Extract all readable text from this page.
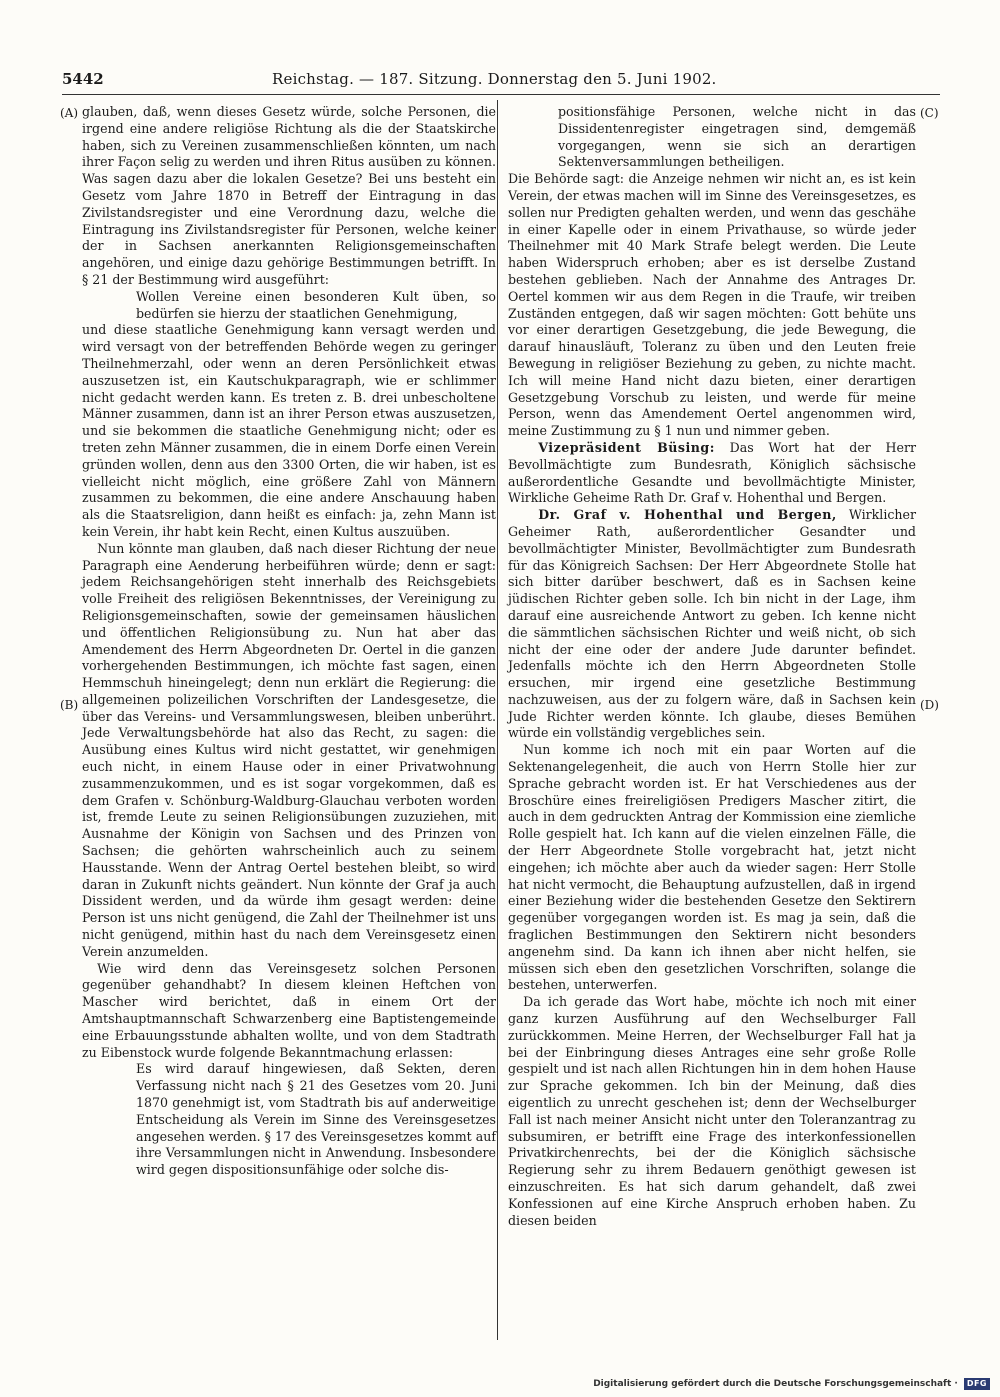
5442	Reichstag. — 187. Sitzung. Donnerstag den 5. Juni 1902.
(A)
(B)
(C)
(D)

glauben, daß, wenn dieses Gesetz würde, solche Personen, die irgend eine andere religiöse Richtung als die der Staatskirche haben, sich zu Vereinen zusammenschließen könnten, um nach ihrer Façon selig zu werden und ihren Ritus ausüben zu können. Was sagen dazu aber die lokalen Gesetze? Bei uns besteht ein Gesetz vom Jahre 1870 in Betreff der Eintragung in das Zivilstandsregister und eine Verordnung dazu, welche die Eintragung ins Zivilstandsregister für Personen, welche keiner der in Sachsen anerkannten Religionsgemeinschaften angehören, und einige dazu gehörige Bestimmungen betrifft. In § 21 der Bestimmung wird ausgeführt:

Wollen Vereine einen besonderen Kult üben, so bedürfen sie hierzu der staatlichen Genehmigung,

und diese staatliche Genehmigung kann versagt werden und wird versagt von der betreffenden Behörde wegen zu geringer Theilnehmerzahl, oder wenn an deren Persönlichkeit etwas auszusetzen ist, ein Kautschukparagraph, wie er schlimmer nicht gedacht werden kann. Es treten z. B. drei unbescholtene Männer zusammen, dann ist an ihrer Person etwas auszusetzen, und sie bekommen die staatliche Genehmigung nicht; oder es treten zehn Männer zusammen, die in einem Dorfe einen Verein gründen wollen, denn aus den 3300 Orten, die wir haben, ist es vielleicht nicht möglich, eine größere Zahl von Männern zusammen zu bekommen, die eine andere Anschauung haben als die Staatsreligion, dann heißt es einfach: ja, zehn Mann ist kein Verein, ihr habt kein Recht, einen Kultus auszuüben.

Nun könnte man glauben, daß nach dieser Richtung der neue Paragraph eine Aenderung herbeiführen würde; denn er sagt: jedem Reichsangehörigen steht innerhalb des Reichsgebiets volle Freiheit des religiösen Bekenntnisses, der Vereinigung zu Religionsgemeinschaften, sowie der gemeinsamen häuslichen und öffentlichen Religionsübung zu. Nun hat aber das Amendement des Herrn Abgeordneten Dr. Oertel in die ganzen vorhergehenden Bestimmungen, ich möchte fast sagen, einen Hemmschuh hineingelegt; denn nun erklärt die Regierung: die allgemeinen polizeilichen Vorschriften der Landesgesetze, die über das Vereins- und Versammlungswesen, bleiben unberührt. Jede Verwaltungsbehörde hat also das Recht, zu sagen: die Ausübung eines Kultus wird nicht gestattet, wir genehmigen euch nicht, in einem Hause oder in einer Privatwohnung zusammenzukommen, und es ist sogar vorgekommen, daß es dem Grafen v. Schönburg-Waldburg-Glauchau verboten worden ist, fremde Leute zu seinen Religionsübungen zuzuziehen, mit Ausnahme der Königin von Sachsen und des Prinzen von Sachsen; die gehörten wahrscheinlich auch zu seinem Hausstande. Wenn der Antrag Oertel bestehen bleibt, so wird daran in Zukunft nichts geändert. Nun könnte der Graf ja auch Dissident werden, und da würde ihm gesagt werden: deine Person ist uns nicht genügend, die Zahl der Theilnehmer ist uns nicht genügend, mithin hast du nach dem Vereinsgesetz einen Verein anzumelden.

Wie wird denn das Vereinsgesetz solchen Personen gegenüber gehandhabt? In diesem kleinen Heftchen von Mascher wird berichtet, daß in einem Ort der Amtshauptmannschaft Schwarzenberg eine Baptistengemeinde eine Erbauungsstunde abhalten wollte, und von dem Stadtrath zu Eibenstock wurde folgende Bekanntmachung erlassen:

Es wird darauf hingewiesen, daß Sekten, deren Verfassung nicht nach § 21 des Gesetzes vom 20. Juni 1870 genehmigt ist, vom Stadtrath bis auf anderweitige Entscheidung als Verein im Sinne des Vereinsgesetzes angesehen werden. § 17 des Vereinsgesetzes kommt auf ihre Versammlungen nicht in Anwendung. Insbesondere wird gegen dispositionsunfähige oder solche dis-

positionsfähige Personen, welche nicht in das Dissidentenregister eingetragen sind, demgemäß vorgegangen, wenn sie sich an derartigen Sektenversammlungen betheiligen.

Die Behörde sagt: die Anzeige nehmen wir nicht an, es ist kein Verein, der etwas machen will im Sinne des Vereinsgesetzes, es sollen nur Predigten gehalten werden, und wenn das geschähe in einer Kapelle oder in einem Privathause, so würde jeder Theilnehmer mit 40 Mark Strafe belegt werden. Die Leute haben Widerspruch erhoben; aber es ist derselbe Zustand bestehen geblieben. Nach der Annahme des Antrages Dr. Oertel kommen wir aus dem Regen in die Traufe, wir treiben Zuständen entgegen, daß wir sagen möchten: Gott behüte uns vor einer derartigen Gesetzgebung, die jede Bewegung, die darauf hinausläuft, Toleranz zu üben und den Leuten freie Bewegung in religiöser Beziehung zu geben, zu nichte macht. Ich will meine Hand nicht dazu bieten, einer derartigen Gesetzgebung Vorschub zu leisten, und werde für meine Person, wenn das Amendement Oertel angenommen wird, meine Zustimmung zu § 1 nun und nimmer geben.

Vizepräsident Büsing: Das Wort hat der Herr Bevollmächtigte zum Bundesrath, Königlich sächsische außerordentliche Gesandte und bevollmächtigte Minister, Wirkliche Geheime Rath Dr. Graf v. Hohenthal und Bergen.

Dr. Graf v. Hohenthal und Bergen, Wirklicher Geheimer Rath, außerordentlicher Gesandter und bevollmächtigter Minister, Bevollmächtigter zum Bundesrath für das Königreich Sachsen: Der Herr Abgeordnete Stolle hat sich bitter darüber beschwert, daß es in Sachsen keine jüdischen Richter geben solle. Ich bin nicht in der Lage, ihm darauf eine ausreichende Antwort zu geben. Ich kenne nicht die sämmtlichen sächsischen Richter und weiß nicht, ob sich nicht der eine oder der andere Jude darunter befindet. Jedenfalls möchte ich den Herrn Abgeordneten Stolle ersuchen, mir irgend eine gesetzliche Bestimmung nachzuweisen, aus der zu folgern wäre, daß in Sachsen kein Jude Richter werden könnte. Ich glaube, dieses Bemühen würde ein vollständig vergebliches sein.

Nun komme ich noch mit ein paar Worten auf die Sektenangelegenheit, die auch von Herrn Stolle hier zur Sprache gebracht worden ist. Er hat Verschiedenes aus der Broschüre eines freireligiösen Predigers Mascher zitirt, die auch in dem gedruckten Antrag der Kommission eine ziemliche Rolle gespielt hat. Ich kann auf die vielen einzelnen Fälle, die der Herr Abgeordnete Stolle vorgebracht hat, jetzt nicht eingehen; ich möchte aber auch da wieder sagen: Herr Stolle hat nicht vermocht, die Behauptung aufzustellen, daß in irgend einer Beziehung wider die bestehenden Gesetze den Sektirern gegenüber vorgegangen worden ist. Es mag ja sein, daß die fraglichen Bestimmungen den Sektirern nicht besonders angenehm sind. Da kann ich ihnen aber nicht helfen, sie müssen sich eben den gesetzlichen Vorschriften, solange die bestehen, unterwerfen.

Da ich gerade das Wort habe, möchte ich noch mit einer ganz kurzen Ausführung auf den Wechselburger Fall zurückkommen. Meine Herren, der Wechselburger Fall hat ja bei der Einbringung dieses Antrages eine sehr große Rolle gespielt und ist nach allen Richtungen hin in dem hohen Hause zur Sprache gekommen. Ich bin der Meinung, daß dies eigentlich zu unrecht geschehen ist; denn der Wechselburger Fall ist nach meiner Ansicht nicht unter den Toleranzantrag zu subsumiren, er betrifft eine Frage des interkonfessionellen Privatkirchenrechts, bei der die Königlich sächsische Regierung sehr zu ihrem Bedauern genöthigt gewesen ist einzuschreiten. Es hat sich darum gehandelt, daß zwei Konfessionen auf eine Kirche Anspruch erhoben haben. Zu diesen beiden

Digitalisierung gefördert durch die Deutsche Forschungsgemeinschaft ·	DFG
